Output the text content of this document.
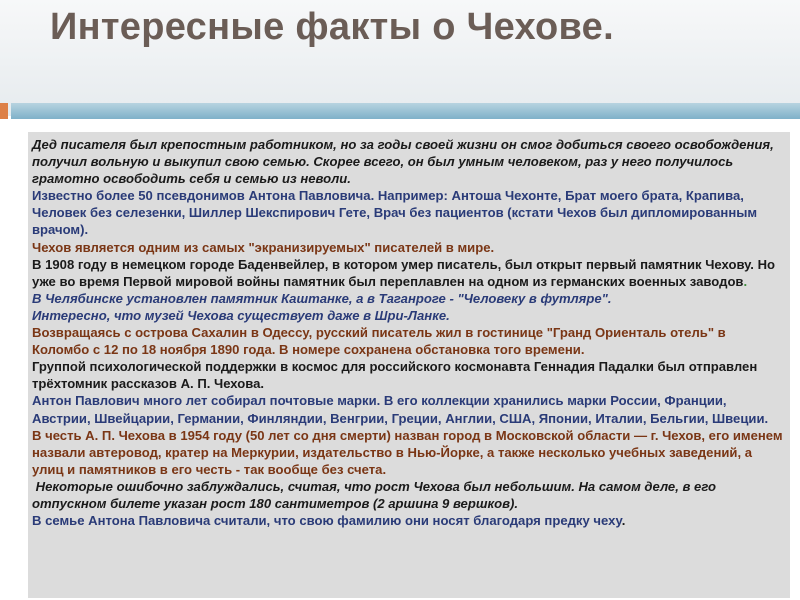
Интересные факты о Чехове.

Дед писателя был крепостным работником, но за годы своей жизни он смог добиться своего освобождения, получил вольную и выкупил свою семью. Скорее всего, он был умным человеком, раз у него получилось грамотно освободить себя и семью из неволи.

Известно более 50 псевдонимов Антона Павловича. Например: Антоша Чехонте, Брат моего брата, Крапива, Человек без селезенки, Шиллер Шекспирович Гете, Врач без пациентов (кстати Чехов был дипломированным врачом).

Чехов является одним из самых "экранизируемых" писателей в мире.

В 1908 году в немецком городе Баденвейлер, в котором умер писатель, был открыт первый памятник Чехову. Но уже во время Первой мировой войны памятник был переплавлен на одном из германских военных заводов.

В Челябинске установлен памятник Каштанке, а в Таганроге - "Человеку в футляре".

Интересно, что музей Чехова существует даже в Шри-Ланке.

Возвращаясь с острова Сахалин в Одессу, русский писатель жил в гостинице "Гранд Ориенталь отель" в Коломбо с 12 по 18 ноября 1890 года. В номере сохранена обстановка того времени.

Группой психологической поддержки в космос для российского космонавта Геннадия Падалки был отправлен трёхтомник рассказов А. П. Чехова.

Антон Павлович много лет собирал почтовые марки. В его коллекции хранились марки России, Франции, Австрии, Швейцарии, Германии, Финляндии, Венгрии, Греции, Англии, США, Японии, Италии, Бельгии, Швеции.

В честь А. П. Чехова в 1954 году (50 лет со дня смерти) назван город в Московской области — г. Чехов, его именем назвали автеровод, кратер на Меркурии, издательство в Нью-Йорке, а также несколько учебных заведений, а улиц и памятников в его честь - так вообще без счета.

Некоторые ошибочно заблуждались, считая, что рост Чехова был небольшим. На самом деле, в его отпускном билете указан рост 180 сантиметров (2 аршина 9 вершков).

В семье Антона Павловича считали, что свою фамилию они носят благодаря предку чеху.
